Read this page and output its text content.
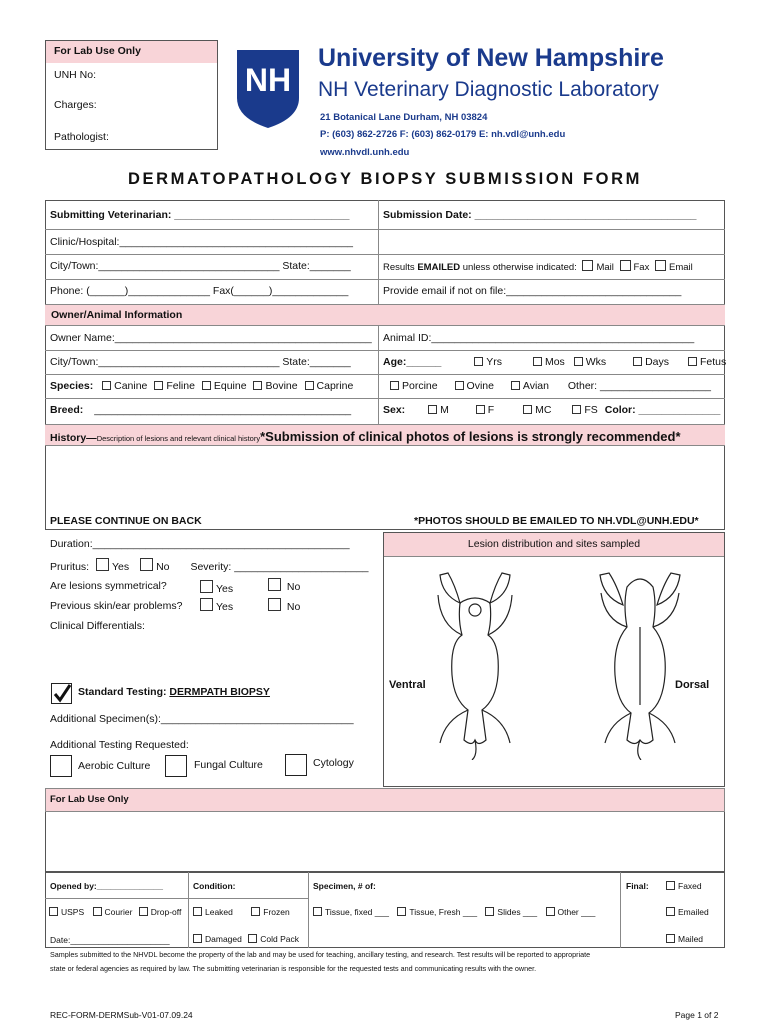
For Lab Use Only
UNH No:
Charges:
Pathologist:
NH
University of New Hampshire
NH Veterinary Diagnostic Laboratory
21 Botanical Lane Durham, NH 03824
P: (603) 862-2726 F: (603) 862-0179 E: nh.vdl@unh.edu
www.nhvdl.unh.edu
DERMATOPATHOLOGY BIOPSY SUBMISSION FORM
Submitting Veterinarian: ______________________________	Submission Date: ______________________________________
Clinic/Hospital:________________________________________
City/Town:_______________________________ State:_______	Results EMAILED unless otherwise indicated: Mail Fax Email
Phone: (______)______________ Fax(______)_____________	Provide email if not on file:______________________________
Owner/Animal Information
Owner Name:____________________________________________ Animal ID:_____________________________________________
City/Town:_______________________________ State:_______	Age:______	Yrs	Mos Wks	Days	Fetus
Species: Canine Feline Equine Bovine Caprine	Porcine	Ovine	Avian Other: ___________________
Breed: ____________________________________________	Sex:	M	F	MC	FS Color: ______________
History—Description of lesions and relevant clinical history*Submission of clinical photos of lesions is strongly recommended*
PLEASE CONTINUE ON BACK	*PHOTOS SHOULD BE EMAILED TO NH.VDL@UNH.EDU*
Duration:____________________________________________
Pruritus: Yes	No Severity: _______________________
Are lesions symmetrical?	Yes	No
Previous skin/ear problems?	Yes	No
Clinical Differentials:
Standard Testing: DERMPATH BIOPSY
Additional Specimen(s):_________________________________
Additional Testing Requested:
Aerobic Culture	Fungal Culture	Cytology
Lesion distribution and sites sampled
Ventral	Dorsal
For Lab Use Only
Opened by:______________
USPS Courier Drop-off
Date:_____________________
Condition:
Leaked	Frozen
Damaged Cold Pack
Specimen, # of:
Tissue, fixed ___ Tissue, Fresh ___ Slides ___ Other ___
Final:	Faxed
Emailed
Mailed
Samples submitted to the NHVDL become the property of the lab and may be used for teaching, ancillary testing, and research. Test results will be reported to appropriate
state or federal agencies as required by law. The submitting veterinarian is responsible for the requested tests and communicating results with the owner.
REC-FORM-DERMSub-V01-07.09.24	Page 1 of 2
